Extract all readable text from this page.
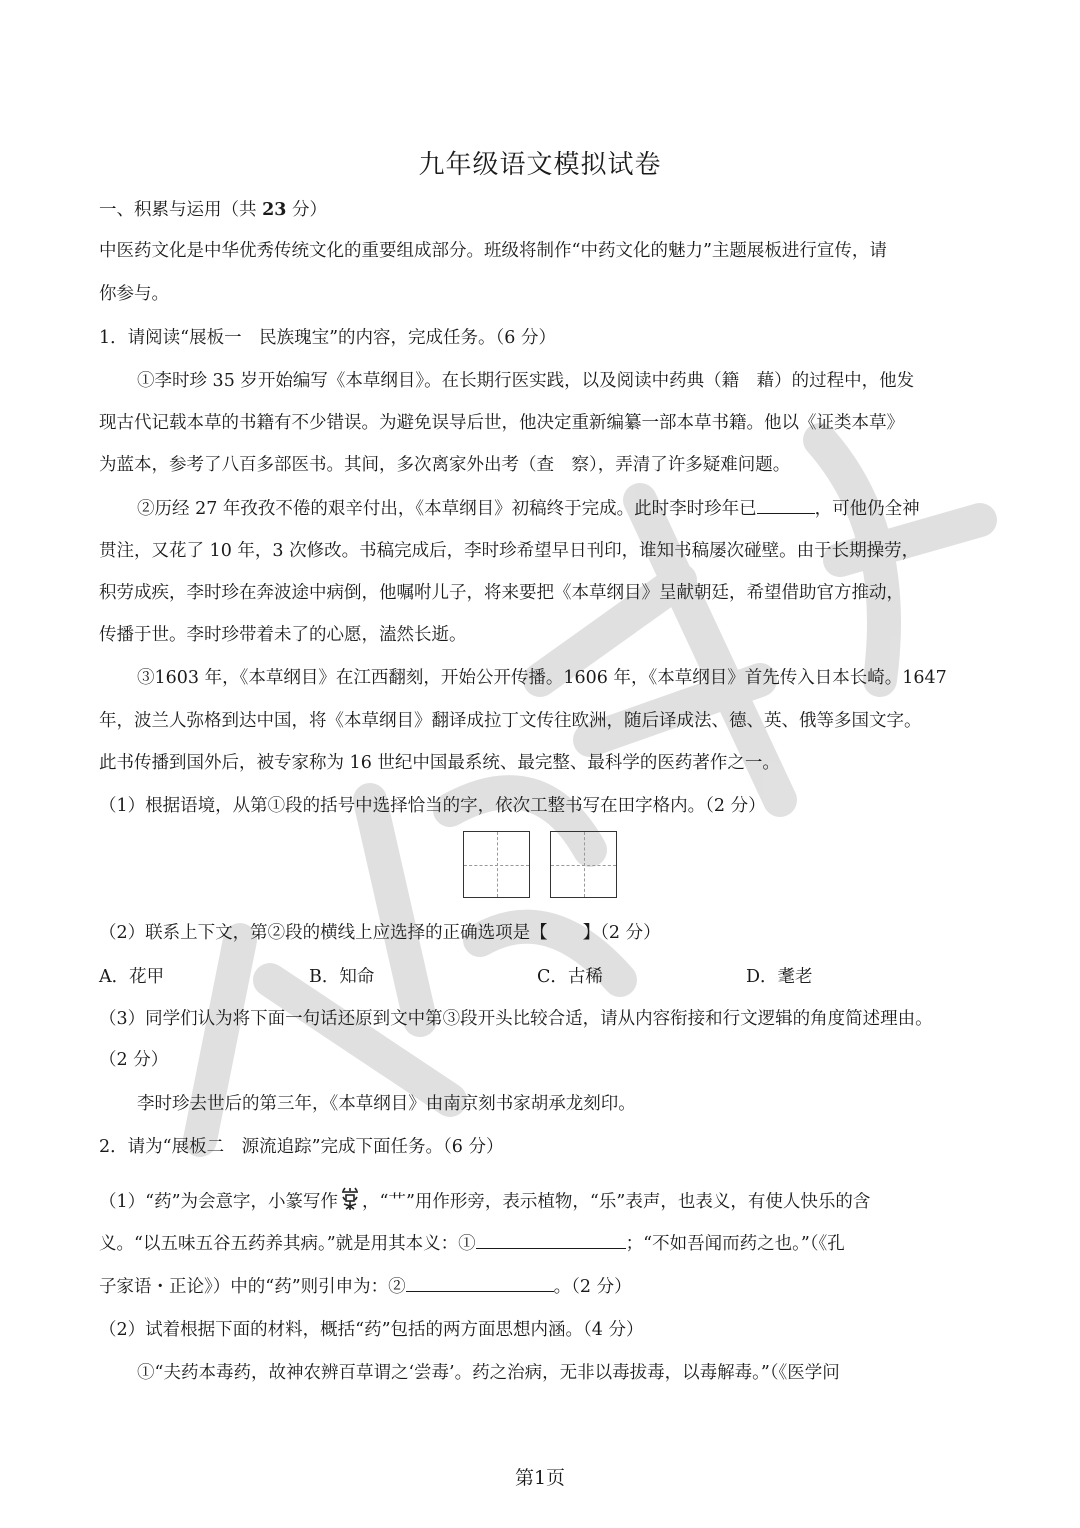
九年级语文模拟试卷
一、积累与运用（共 23 分）
中医药文化是中华优秀传统文化的重要组成部分。班级将制作“中药文化的魅力”主题展板进行宣传，请
你参与。
1．请阅读“展板一　民族瑰宝”的内容，完成任务。（6 分）
①李时珍 35 岁开始编写《本草纲目》。在长期行医实践，以及阅读中药典（籍　藉）的过程中，他发
现古代记载本草的书籍有不少错误。为避免误导后世，他决定重新编纂一部本草书籍。他以《证类本草》
为蓝本，参考了八百多部医书。其间，多次离家外出考（查　察），弄清了许多疑难问题。
②历经 27 年孜孜不倦的艰辛付出，《本草纲目》初稿终于完成。此时李时珍年已	，可他仍全神
贯注，又花了 10 年，3 次修改。书稿完成后，李时珍希望早日刊印，谁知书稿屡次碰壁。由于长期操劳，
积劳成疾，李时珍在奔波途中病倒，他嘱咐儿子，将来要把《本草纲目》呈献朝廷，希望借助官方推动，
传播于世。李时珍带着未了的心愿，溘然长逝。
③1603 年，《本草纲目》在江西翻刻，开始公开传播。1606 年，《本草纲目》首先传入日本长崎。1647
年，波兰人弥格到达中国，将《本草纲目》翻译成拉丁文传往欧洲，随后译成法、德、英、俄等多国文字。
此书传播到国外后，被专家称为 16 世纪中国最系统、最完整、最科学的医药著作之一。
（1）根据语境，从第①段的括号中选择恰当的字，依次工整书写在田字格内。（2 分）
（2）联系上下文，第②段的横线上应选择的正确选项是【　　】（2 分）
A．花甲	B．知命	C．古稀	D．耄老
（3）同学们认为将下面一句话还原到文中第③段开头比较合适，请从内容衔接和行文逻辑的角度简述理由。
（2 分）
李时珍去世后的第三年，《本草纲目》由南京刻书家胡承龙刻印。
2．请为“展板二　源流追踪”完成下面任务。（6 分）
（1）“药”为会意字，小篆写作 ，“艹”用作形旁，表示植物，“乐”表声，也表义，有使人快乐的含
义。“以五味五谷五药养其病。”就是用其本义：①	；“不如吾闻而药之也。”（《孔
子家语・正论》）中的“药”则引申为：②	。（2 分）
（2）试着根据下面的材料，概括“药”包括的两方面思想内涵。（4 分）
①“夫药本毒药，故神农辨百草谓之‘尝毒’。药之治病，无非以毒拔毒，以毒解毒。”（《医学问
第1页
